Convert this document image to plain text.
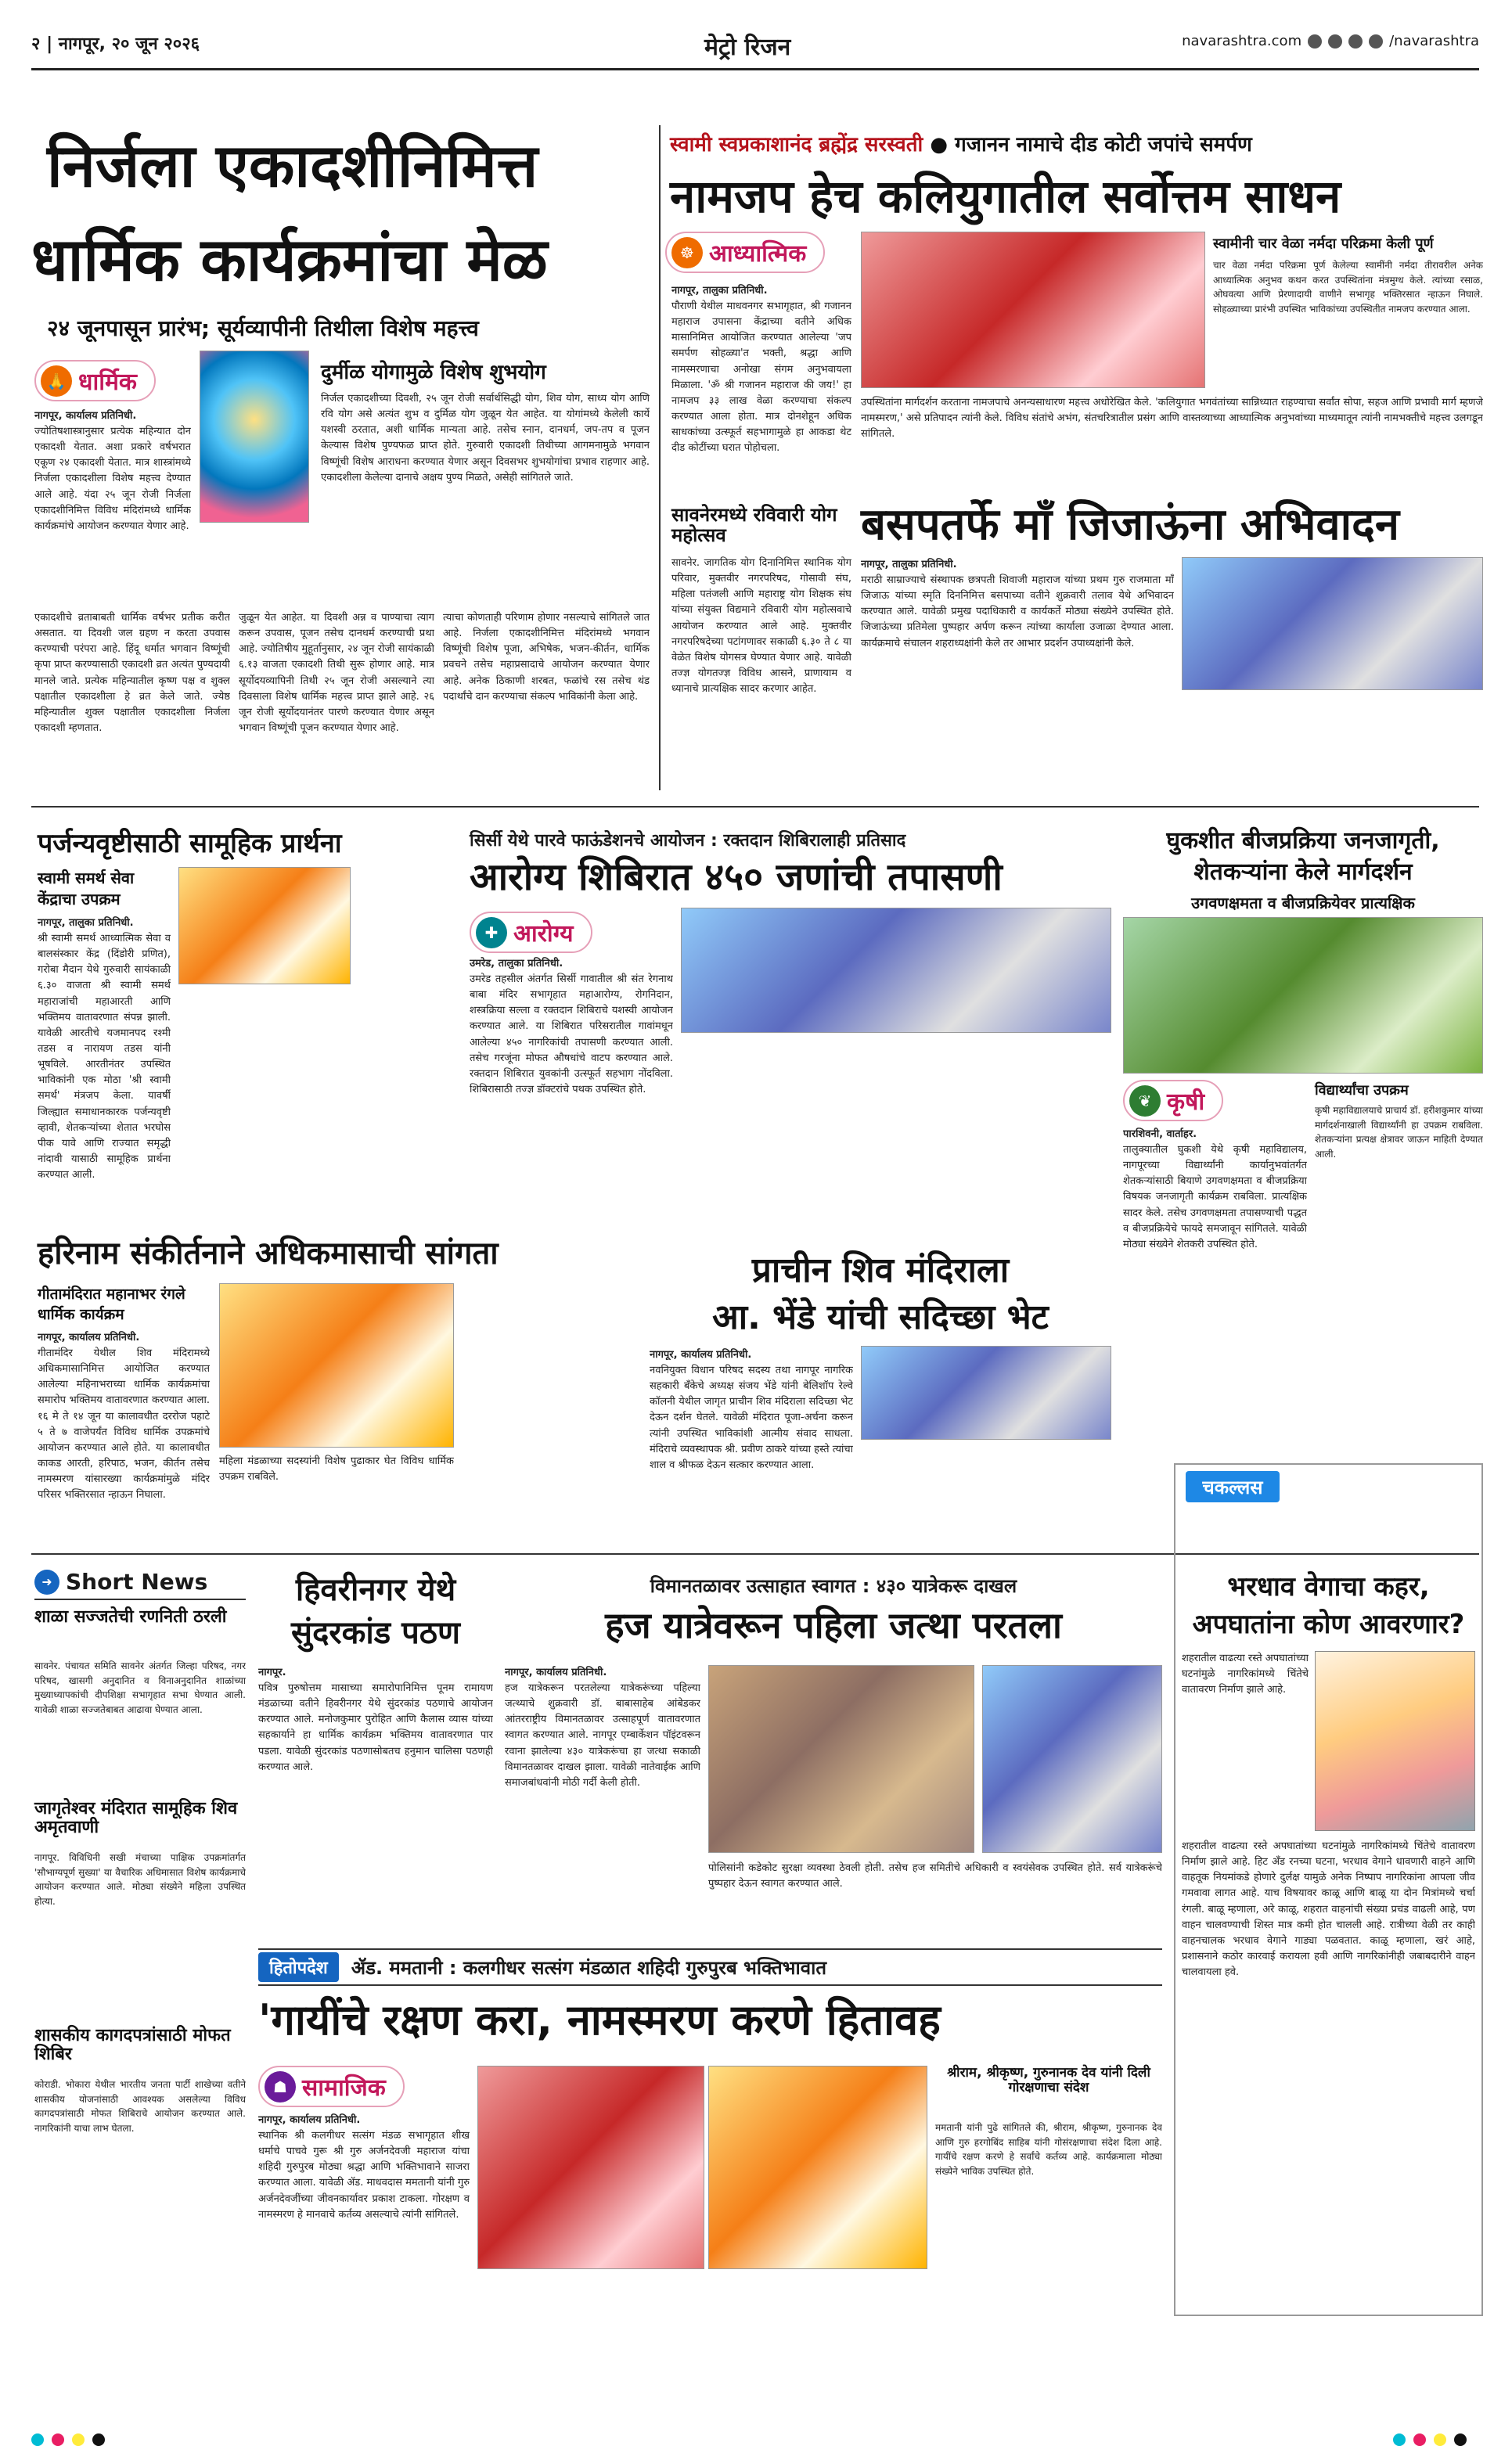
२ | नागपूर, २० जून २०२६	मेट्रो रिजन	navarashtra.com	/navarashtra
निर्जला एकादशीनिमित्त
धार्मिक कार्यक्रमांचा मेळ
२४ जूनपासून प्रारंभ; सूर्यव्यापीनी तिथीला विशेष महत्त्व
🙏 धार्मिक	दुर्मीळ योगामुळे विशेष शुभयोग
निर्जल एकादशीच्या दिवशी, २५ जून रोजी सर्वार्थसिद्धी योग, शिव योग, साध्य योग आणि रवि योग असे अत्यंत शुभ व दुर्मिळ योग जुळून येत आहेत. या योगांमध्ये केलेली कार्ये यशस्वी ठरतात, अशी धार्मिक मान्यता आहे. तसेच स्नान, दानधर्म, जप-तप व पूजन केल्यास विशेष पुण्यफळ प्राप्त होते. गुरुवारी एकादशी तिथीच्या आगमनामुळे भगवान विष्णूंची विशेष आराधना करण्यात येणार असून दिवसभर शुभयोगांचा प्रभाव राहणार आहे. एकादशीला केलेल्या दानाचे अक्षय पुण्य मिळते, असेही सांगितले जाते.
नागपूर, कार्यालय प्रतिनिधी.
ज्योतिषशास्त्रानुसार प्रत्येक महिन्यात दोन एकादशी येतात. अशा प्रकारे वर्षभरात एकूण २४ एकादशी येतात. मात्र शास्त्रांमध्ये निर्जला एकादशीला विशेष महत्त्व देण्यात आले आहे. यंदा २५ जून रोजी निर्जला एकादशीनिमित्त विविध मंदिरांमध्ये धार्मिक कार्यक्रमांचे आयोजन करण्यात येणार आहे.
एकादशीचे व्रताबाबती धार्मिक वर्षभर प्रतीक करीत असतात. या दिवशी जल ग्रहण न करता उपवास करण्याची परंपरा आहे. हिंदू धर्मात भगवान विष्णूंची कृपा प्राप्त करण्यासाठी एकादशी व्रत अत्यंत पुण्यदायी मानले जाते. प्रत्येक महिन्यातील कृष्ण पक्ष व शुक्ल पक्षातील एकादशीला हे व्रत केले जाते. ज्येष्ठ महिन्यातील शुक्ल पक्षातील एकादशीला निर्जला एकादशी म्हणतात.
जुळून येत आहेत. या दिवशी अन्न व पाण्याचा त्याग करून उपवास, पूजन तसेच दानधर्म करण्याची प्रथा आहे. ज्योतिषीय मुहूर्तानुसार, २४ जून रोजी सायंकाळी ६.१३ वाजता एकादशी तिथी सुरू होणार आहे. मात्र सूर्योदयव्यापिनी तिथी २५ जून रोजी असल्याने त्या दिवसाला विशेष धार्मिक महत्त्व प्राप्त झाले आहे. २६ जून रोजी सूर्योदयानंतर पारणे करण्यात येणार असून भगवान विष्णूंची पूजन करण्यात येणार आहे.
त्याचा कोणताही परिणाम होणार नसल्याचे सांगितले जात आहे. निर्जला एकादशीनिमित्त मंदिरांमध्ये भगवान विष्णूंची विशेष पूजा, अभिषेक, भजन-कीर्तन, धार्मिक प्रवचने तसेच महाप्रसादाचे आयोजन करण्यात येणार आहे. अनेक ठिकाणी शरबत, फळांचे रस तसेच थंड पदार्थांचे दान करण्याचा संकल्प भाविकांनी केला आहे.
स्वामी स्वप्रकाशानंद ब्रह्मेंद्र सरस्वती ● गजानन नामाचे दीड कोटी जपांचे समर्पण
नामजप हेच कलियुगातील सर्वोत्तम साधन
☸ आध्यात्मिक	स्वामीनी चार वेळा नर्मदा परिक्रमा केली पूर्ण
चार वेळा नर्मदा परिक्रमा पूर्ण केलेल्या स्वामींनी नर्मदा तीरावरील अनेक आध्यात्मिक अनुभव कथन करत उपस्थितांना मंत्रमुग्ध केले. त्यांच्या रसाळ, ओघवत्या आणि प्रेरणादायी वाणीने सभागृह भक्तिरसात न्हाऊन निघाले. सोहळ्याच्या प्रारंभी उपस्थित भाविकांच्या उपस्थितीत नामजप करण्यात आला.
नागपूर, तालुका प्रतिनिधी.
पौराणी येथील माधवनगर सभागृहात, श्री गजानन महाराज उपासना केंद्राच्या वतीने अधिक मासानिमित्त आयोजित करण्यात आलेल्या 'जप समर्पण सोहळ्या'त भक्ती, श्रद्धा आणि नामस्मरणाचा अनोखा संगम अनुभवायला मिळाला. 'ॐ श्री गजानन महाराज की जय!' हा नामजप ३३ लाख वेळा करण्याचा संकल्प करण्यात आला होता. मात्र दोनशेहून अधिक साधकांच्या उत्स्फूर्त सहभागामुळे हा आकडा थेट दीड कोटींच्या घरात पोहोचला.
उपस्थितांना मार्गदर्शन करताना नामजपाचे अनन्यसाधारण महत्त्व अधोरेखित केले. 'कलियुगात भगवंतांच्या सान्निध्यात राहण्याचा सर्वांत सोपा, सहज आणि प्रभावी मार्ग म्हणजे नामस्मरण,' असे प्रतिपादन त्यांनी केले. विविध संतांचे अभंग, संतचरित्रातील प्रसंग आणि वास्तव्याच्या आध्यात्मिक अनुभवांच्या माध्यमातून त्यांनी नामभक्तीचे महत्त्व उलगडून सांगितले.
सावनेरमध्ये रविवारी योग महोत्सव
सावनेर. जागतिक योग दिनानिमित्त स्थानिक योग परिवार, मुक्तवीर नगरपरिषद, गोसावी संघ, महिला पतंजली आणि महाराष्ट्र योग शिक्षक संघ यांच्या संयुक्त विद्यमाने रविवारी योग महोत्सवाचे आयोजन करण्यात आले आहे. मुक्तवीर नगरपरिषदेच्या पटांगणावर सकाळी ६.३० ते ८ या वेळेत विशेष योगसत्र घेण्यात येणार आहे. यावेळी तज्ज्ञ योगतज्ज्ञ विविध आसने, प्राणायाम व ध्यानाचे प्रात्यक्षिक सादर करणार आहेत.
बसपतर्फे माँ जिजाऊंना अभिवादन
नागपूर, तालुका प्रतिनिधी.
मराठी साम्राज्याचे संस्थापक छत्रपती शिवाजी महाराज यांच्या प्रथम गुरु राजमाता माँ जिजाऊ यांच्या स्मृति दिननिमित्त बसपाच्या वतीने शुक्रवारी तलाव येथे अभिवादन करण्यात आले. यावेळी प्रमुख पदाधिकारी व कार्यकर्ते मोठ्या संख्येने उपस्थित होते. जिजाऊंच्या प्रतिमेला पुष्पहार अर्पण करून त्यांच्या कार्याला उजाळा देण्यात आला. कार्यक्रमाचे संचालन शहराध्यक्षांनी केले तर आभार प्रदर्शन उपाध्यक्षांनी केले.
पर्जन्यवृष्टीसाठी सामूहिक प्रार्थना
स्वामी समर्थ सेवा केंद्राचा उपक्रम
नागपूर, तालुका प्रतिनिधी.
श्री स्वामी समर्थ आध्यात्मिक सेवा व बालसंस्कार केंद्र (दिंडोरी प्रणित), गरोबा मैदान येथे गुरुवारी सायंकाळी ६.३० वाजता श्री स्वामी समर्थ महाराजांची महाआरती आणि भक्तिमय वातावरणात संपन्न झाली. यावेळी आरतीचे यजमानपद रश्मी तडस व नारायण तडस यांनी भूषविले. आरतीनंतर उपस्थित भाविकांनी एक मोठा 'श्री स्वामी समर्थ' मंत्रजप केला. यावर्षी जिल्ह्यात समाधानकारक पर्जन्यवृष्टी व्हावी, शेतकऱ्यांच्या शेतात भरघोस पीक यावे आणि राज्यात समृद्धी नांदावी यासाठी सामूहिक प्रार्थना करण्यात आली.
सिर्सी येथे पारवे फाऊंडेशनचे आयोजन : रक्तदान शिबिरालाही प्रतिसाद
आरोग्य शिबिरात ४५० जणांची तपासणी
✚ आरोग्य
उमरेड, तालुका प्रतिनिधी.
उमरेड तहसील अंतर्गत सिर्सी गावातील श्री संत रेगनाथ बाबा मंदिर सभागृहात महाआरोग्य, रोगनिदान, शस्त्रक्रिया सल्ला व रक्तदान शिबिराचे यशस्वी आयोजन करण्यात आले. या शिबिरात परिसरातील गावांमधून आलेल्या ४५० नागरिकांची तपासणी करण्यात आली. तसेच गरजूंना मोफत औषधांचे वाटप करण्यात आले. रक्तदान शिबिरात युवकांनी उत्स्फूर्त सहभाग नोंदविला. शिबिरासाठी तज्ज्ञ डॉक्टरांचे पथक उपस्थित होते.
घुकशीत बीजप्रक्रिया जनजागृती,
शेतकऱ्यांना केले मार्गदर्शन
उगवणक्षमता व बीजप्रक्रियेवर प्रात्यक्षिक
❦ कृषी	विद्यार्थ्यांचा उपक्रम
कृषी महाविद्यालयाचे प्राचार्य डॉ. हरीशकुमार यांच्या मार्गदर्शनाखाली विद्यार्थ्यांनी हा उपक्रम राबविला. शेतकऱ्यांना प्रत्यक्ष क्षेत्रावर जाऊन माहिती देण्यात आली.
पारशिवनी, वार्ताहर.
तालुक्यातील घुकशी येथे कृषी महाविद्यालय, नागपूरच्या विद्यार्थ्यांनी कार्यानुभवांतर्गत शेतकऱ्यांसाठी बियाणे उगवणक्षमता व बीजप्रक्रिया विषयक जनजागृती कार्यक्रम राबविला. प्रात्यक्षिक सादर केले. तसेच उगवणक्षमता तपासण्याची पद्धत व बीजप्रक्रियेचे फायदे समजावून सांगितले. यावेळी मोठ्या संख्येने शेतकरी उपस्थित होते.
हरिनाम संकीर्तनाने अधिकमासाची सांगता
गीतामंदिरात महानाभर रंगले धार्मिक कार्यक्रम
महिला मंडळाच्या सदस्यांनी विशेष पुढाकार घेत विविध धार्मिक उपक्रम राबविले.
नागपूर, कार्यालय प्रतिनिधी.
गीतामंदिर येथील शिव मंदिरामध्ये अधिकमासानिमित्त आयोजित करण्यात आलेल्या महिनाभराच्या धार्मिक कार्यक्रमांचा समारोप भक्तिमय वातावरणात करण्यात आला. १६ मे ते १४ जून या कालावधीत दररोज पहाटे ५ ते ७ वाजेपर्यंत विविध धार्मिक उपक्रमांचे आयोजन करण्यात आले होते. या कालावधीत काकड आरती, हरिपाठ, भजन, कीर्तन तसेच नामस्मरण यांसारख्या कार्यक्रमांमुळे मंदिर परिसर भक्तिरसात न्हाऊन निघाला.
प्राचीन शिव मंदिराला
आ. भेंडे यांची सदिच्छा भेट
नागपूर, कार्यालय प्रतिनिधी.
नवनियुक्त विधान परिषद सदस्य तथा नागपूर नागरिक सहकारी बँकेचे अध्यक्ष संजय भेंडे यांनी बेलिशॉप रेल्वे कॉलनी येथील जागृत प्राचीन शिव मंदिराला सदिच्छा भेट देऊन दर्शन घेतले. यावेळी मंदिरात पूजा-अर्चना करून त्यांनी उपस्थित भाविकांशी आत्मीय संवाद साधला. मंदिराचे व्यवस्थापक श्री. प्रवीण ठाकरे यांच्या हस्ते त्यांचा शाल व श्रीफळ देऊन सत्कार करण्यात आला.
➜ Short News
शाळा सज्जतेची रणनिती ठरली
सावनेर. पंचायत समिति सावनेर अंतर्गत जिल्हा परिषद, नगर परिषद, खासगी अनुदानित व विनाअनुदानित शाळांच्या मुख्याध्यापकांची दीपशिक्षा सभागृहात सभा घेण्यात आली. यावेळी शाळा सज्जतेबाबत आढावा घेण्यात आला.
जागृतेश्वर मंदिरात सामूहिक शिव अमृतवाणी
नागपूर. विविधिनी सखी मंचाच्या पाक्षिक उपक्रमांतर्गत 'सौभाग्यपूर्ण सुख्या' या वैचारिक अधिमासात विशेष कार्यक्रमाचे आयोजन करण्यात आले. मोठ्या संख्येने महिला उपस्थित होत्या.
शासकीय कागदपत्रांसाठी मोफत शिबिर
कोराडी. भोकारा येथील भारतीय जनता पार्टी शाखेच्या वतीने शासकीय योजनांसाठी आवश्यक असलेल्या विविध कागदपत्रांसाठी मोफत शिबिराचे आयोजन करण्यात आले. नागरिकांनी याचा लाभ घेतला.
हिवरीनगर येथे
सुंदरकांड पठण
नागपूर.
पवित्र पुरुषोत्तम मासाच्या समारोपानिमित्त पूनम रामायण मंडळाच्या वतीने हिवरीनगर येथे सुंदरकांड पठणाचे आयोजन करण्यात आले. मनोजकुमार पुरोहित आणि कैलास व्यास यांच्या सहकार्याने हा धार्मिक कार्यक्रम भक्तिमय वातावरणात पार पडला. यावेळी सुंदरकांड पठणासोबतच हनुमान चालिसा पठणही करण्यात आले.
विमानतळावर उत्साहात स्वागत : ४३० यात्रेकरू दाखल
हज यात्रेवरून पहिला जत्था परतला
नागपूर, कार्यालय प्रतिनिधी.
हज यात्रेकरून परतलेल्या यात्रेकरूंच्या पहिल्या जत्थ्याचे शुक्रवारी डॉ. बाबासाहेब आंबेडकर आंतरराष्ट्रीय विमानतळावर उत्साहपूर्ण वातावरणात स्वागत करण्यात आले. नागपूर एम्बार्केशन पॉइंटवरून रवाना झालेल्या ४३० यात्रेकरूंचा हा जत्था सकाळी विमानतळावर दाखल झाला. यावेळी नातेवाईक आणि समाजबांधवांनी मोठी गर्दी केली होती.
पोलिसांनी कडेकोट सुरक्षा व्यवस्था ठेवली होती. तसेच हज समितीचे अधिकारी व स्वयंसेवक उपस्थित होते. सर्व यात्रेकरूंचे पुष्पहार देऊन स्वागत करण्यात आले.
चकल्लस
भरधाव वेगाचा कहर,
अपघातांना कोण आवरणार?
शहरातील वाढत्या रस्ते अपघातांच्या घटनांमुळे नागरिकांमध्ये चिंतेचे वातावरण निर्माण झाले आहे.
शहरातील वाढत्या रस्ते अपघातांच्या घटनांमुळे नागरिकांमध्ये चिंतेचे वातावरण निर्माण झाले आहे. हिट ॲंड रनच्या घटना, भरधाव वेगाने धावणारी वाहने आणि वाहतूक नियमांकडे होणारे दुर्लक्ष यामुळे अनेक निष्पाप नागरिकांना आपला जीव गमवावा लागत आहे. याच विषयावर काळू आणि बाळू या दोन मित्रांमध्ये चर्चा रंगली. बाळू म्हणाला, अरे काळू, शहरात वाहनांची संख्या प्रचंड वाढली आहे, पण वाहन चालवण्याची शिस्त मात्र कमी होत चालली आहे. रात्रीच्या वेळी तर काही वाहनचालक भरधाव वेगाने गाड्या पळवतात. काळू म्हणाला, खरं आहे, प्रशासनाने कठोर कारवाई करायला हवी आणि नागरिकांनीही जबाबदारीने वाहन चालवायला हवे.
हितोपदेश	ॲड. ममतानी : कलगीधर सत्संग मंडळात शहिदी गुरुपुरब भक्तिभावात
'गायींचे रक्षण करा, नामस्मरण करणे हितावह
☗ सामाजिक
नागपूर, कार्यालय प्रतिनिधी.
स्थानिक श्री कलगीधर सत्संग मंडळ सभागृहात शीख धर्माचे पाचवे गुरू श्री गुरु अर्जनदेवजी महाराज यांचा शहिदी गुरुपुरब मोठ्या श्रद्धा आणि भक्तिभावाने साजरा करण्यात आला. यावेळी ॲड. माधवदास ममतानी यांनी गुरु अर्जनदेवजींच्या जीवनकार्यावर प्रकाश टाकला. गोरक्षण व नामस्मरण हे मानवाचे कर्तव्य असल्याचे त्यांनी सांगितले.
श्रीराम, श्रीकृष्ण, गुरुनानक देव यांनी दिली गोरक्षणाचा संदेश
ममतानी यांनी पुढे सांगितले की, श्रीराम, श्रीकृष्ण, गुरुनानक देव आणि गुरु हरगोबिंद साहिब यांनी गोसंरक्षणाचा संदेश दिला आहे. गायींचे रक्षण करणे हे सर्वांचे कर्तव्य आहे. कार्यक्रमाला मोठ्या संख्येने भाविक उपस्थित होते.
